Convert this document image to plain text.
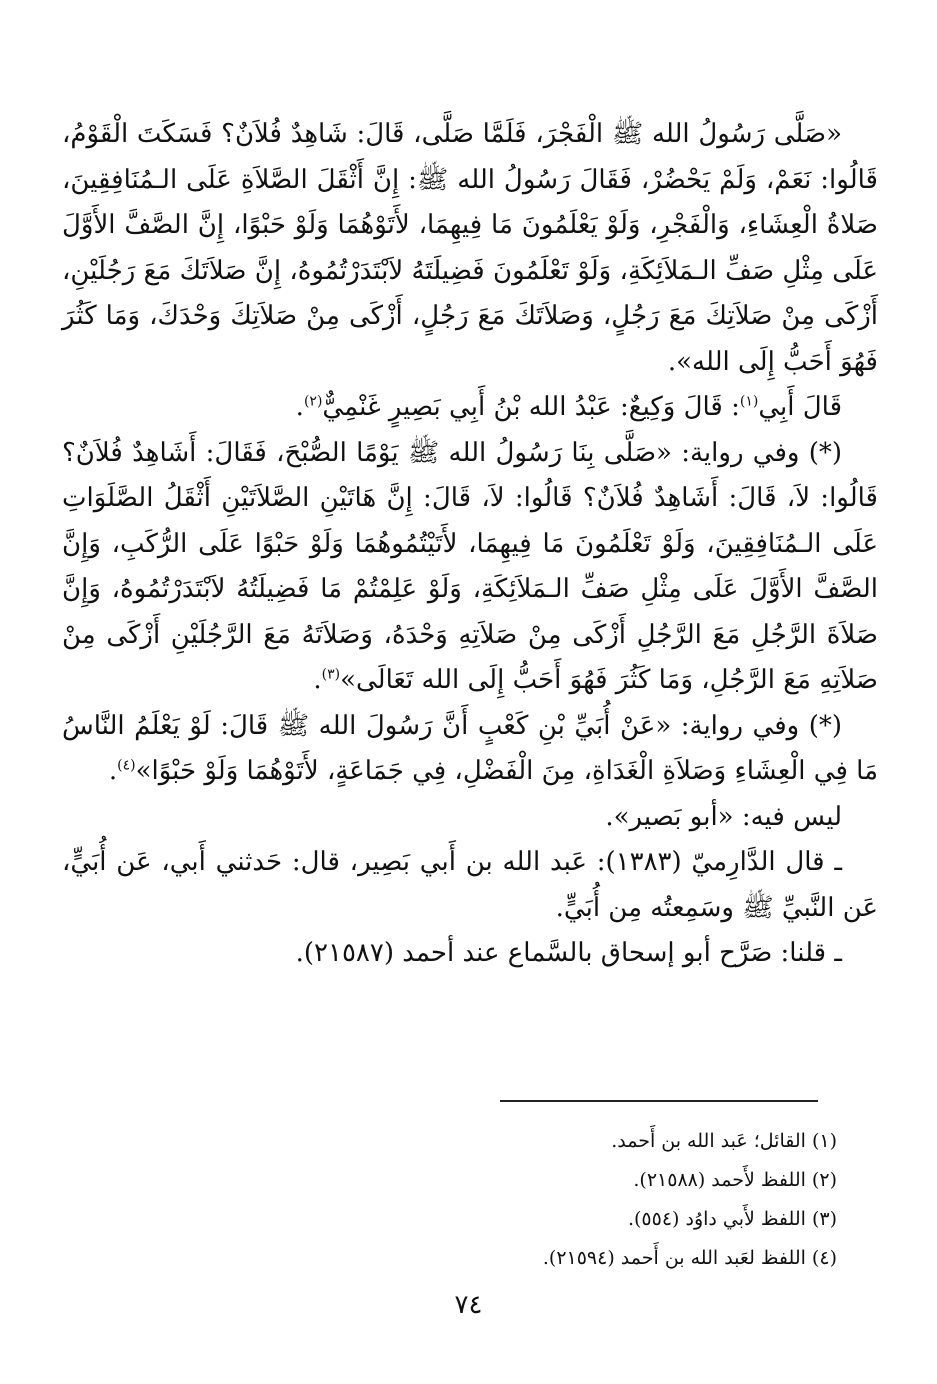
«صَلَّى رَسُولُ الله ﷺ الْفَجْرَ، فَلَمَّا صَلَّى، قَالَ: شَاهِدٌ فُلاَنٌ؟ فَسَكَتَ الْقَوْمُ، قَالُوا: نَعَمْ، وَلَمْ يَحْضُرْ، فَقَالَ رَسُولُ الله ﷺ: إِنَّ أَثْقَلَ الصَّلاَةِ عَلَى الـمُنَافِقِينَ، صَلاةُ الْعِشَاءِ، وَالْفَجْرِ، وَلَوْ يَعْلَمُونَ مَا فِيهِمَا، لأَتَوْهُمَا وَلَوْ حَبْوًا، إِنَّ الصَّفَّ الأَوَّلَ عَلَى مِثْلِ صَفِّ الـمَلاَئِكَةِ، وَلَوْ تَعْلَمُونَ فَضِيلَتَهُ لاَبْتَدَرْتُمُوهُ، إِنَّ صَلاَتَكَ مَعَ رَجُلَيْنِ، أَزْكَى مِنْ صَلاَتِكَ مَعَ رَجُلٍ، وَصَلاَتَكَ مَعَ رَجُلٍ، أَزْكَى مِنْ صَلاَتِكَ وَحْدَكَ، وَمَا كَثُرَ فَهُوَ أَحَبُّ إِلَى الله».

قَالَ أَبِي$^{(١)}$: قَالَ وَكِيعٌ: عَبْدُ الله بْنُ أَبِي بَصِيرٍ غَنْمِيٌّ$^{(٢)}$.

(*) وفي رواية: «صَلَّى بِنَا رَسُولُ الله ﷺ يَوْمًا الصُّبْحَ، فَقَالَ: أَشَاهِدٌ فُلاَنٌ؟ قَالُوا: لاَ، قَالَ: أَشَاهِدٌ فُلاَنٌ؟ قَالُوا: لاَ، قَالَ: إِنَّ هَاتَيْنِ الصَّلاَتَيْنِ أَثْقَلُ الصَّلَوَاتِ عَلَى الـمُنَافِقِينَ، وَلَوْ تَعْلَمُونَ مَا فِيهِمَا، لأَتَيْتُمُوهُمَا وَلَوْ حَبْوًا عَلَى الرُّكَبِ، وَإِنَّ الصَّفَّ الأَوَّلَ عَلَى مِثْلِ صَفِّ الـمَلاَئِكَةِ، وَلَوْ عَلِمْتُمْ مَا فَضِيلَتُهُ لاَبْتَدَرْتُمُوهُ، وَإِنَّ صَلاَةَ الرَّجُلِ مَعَ الرَّجُلِ أَزْكَى مِنْ صَلاَتِهِ وَحْدَهُ، وَصَلاَتَهُ مَعَ الرَّجُلَيْنِ أَزْكَى مِنْ صَلاَتِهِ مَعَ الرَّجُلِ، وَمَا كَثُرَ فَهُوَ أَحَبُّ إِلَى الله تَعَالَى»$^{(٣)}$.

(*) وفي رواية: «عَنْ أُبَيِّ بْنِ كَعْبٍ أَنَّ رَسُولَ الله ﷺ قَالَ: لَوْ يَعْلَمُ النَّاسُ مَا فِي الْعِشَاءِ وَصَلاَةِ الْغَدَاةِ، مِنَ الْفَضْلِ، فِي جَمَاعَةٍ، لأَتَوْهُمَا وَلَوْ حَبْوًا»$^{(٤)}$.

ليس فيه: «أبو بَصير».

ـ قال الدَّارِميّ (١٣٨٣): عَبد الله بن أَبي بَصِير، قال: حَدثني أَبي، عَن أُبَيٍّ، عَن النَّبيِّ ﷺ وسَمِعتُه مِن أُبَيٍّ.

ـ قلنا: صَرَّح أبو إسحاق بالسَّماع عند أحمد (٢١٥٨٧).

(١) القائل؛ عَبد الله بن أَحمد.

(٢) اللفظ لأَحمد (٢١٥٨٨).

(٣) اللفظ لأَبي داوُد (٥٥٤).

(٤) اللفظ لعَبد الله بن أَحمد (٢١٥٩٤).

٧٤
